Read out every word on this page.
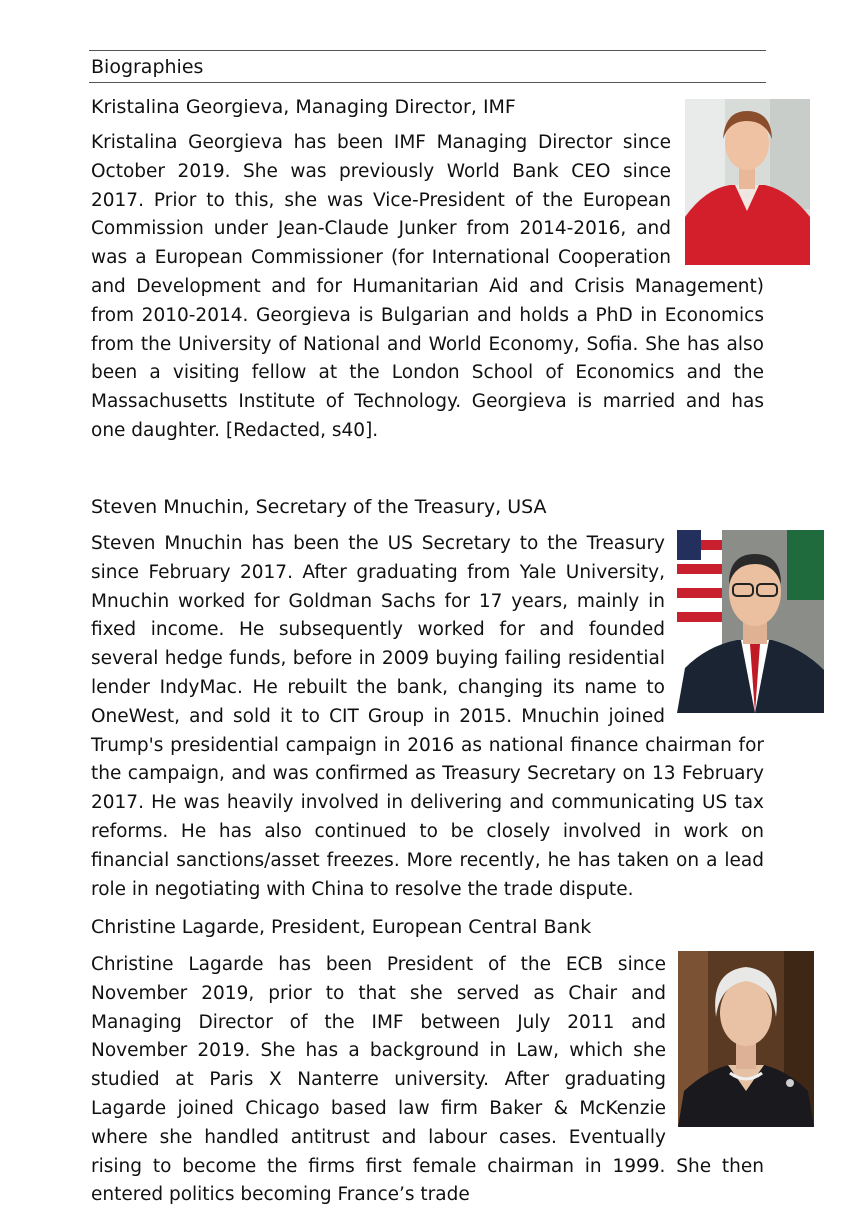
Biographies
Kristalina Georgieva, Managing Director, IMF
Kristalina Georgieva has been IMF Managing Director since October 2019. She was previously World Bank CEO since 2017. Prior to this, she was Vice-President of the European Commission under Jean-Claude Junker from 2014-2016, and was a European Commissioner (for International Cooperation and Development and for Humanitarian Aid and Crisis Management) from 2010-2014. Georgieva is Bulgarian and holds a PhD in Economics from the University of National and World Economy, Sofia. She has also been a visiting fellow at the London School of Economics and the Massachusetts Institute of Technology. Georgieva is married and has one daughter. [Redacted, s40].
Steven Mnuchin, Secretary of the Treasury, USA
Steven Mnuchin has been the US Secretary to the Treasury since February 2017. After graduating from Yale University, Mnuchin worked for Goldman Sachs for 17 years, mainly in fixed income. He subsequently worked for and founded several hedge funds, before in 2009 buying failing residential lender IndyMac. He rebuilt the bank, changing its name to OneWest, and sold it to CIT Group in 2015. Mnuchin joined Trump's presidential campaign in 2016 as national finance chairman for the campaign, and was confirmed as Treasury Secretary on 13 February 2017. He was heavily involved in delivering and communicating US tax reforms. He has also continued to be closely involved in work on financial sanctions/asset freezes. More recently, he has taken on a lead role in negotiating with China to resolve the trade dispute.
Christine Lagarde, President, European Central Bank
Christine Lagarde has been President of the ECB since November 2019, prior to that she served as Chair and Managing Director of the IMF between July 2011 and November 2019. She has a background in Law, which she studied at Paris X Nanterre university. After graduating Lagarde joined Chicago based law firm Baker & McKenzie where she handled antitrust and labour cases. Eventually rising to become the firms first female chairman in 1999. She then entered politics becoming France’s trade
